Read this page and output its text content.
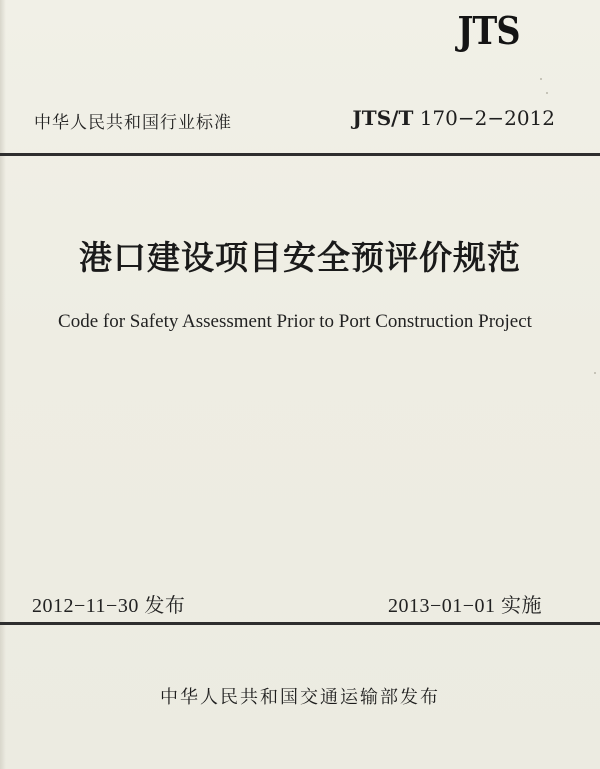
JTS
中华人民共和国行业标准	JTS/T 170−2−2012
港口建设项目安全预评价规范
Code for Safety Assessment Prior to Port Construction Project
2012−11−30 发布	2013−01−01 实施
中华人民共和国交通运输部发布
